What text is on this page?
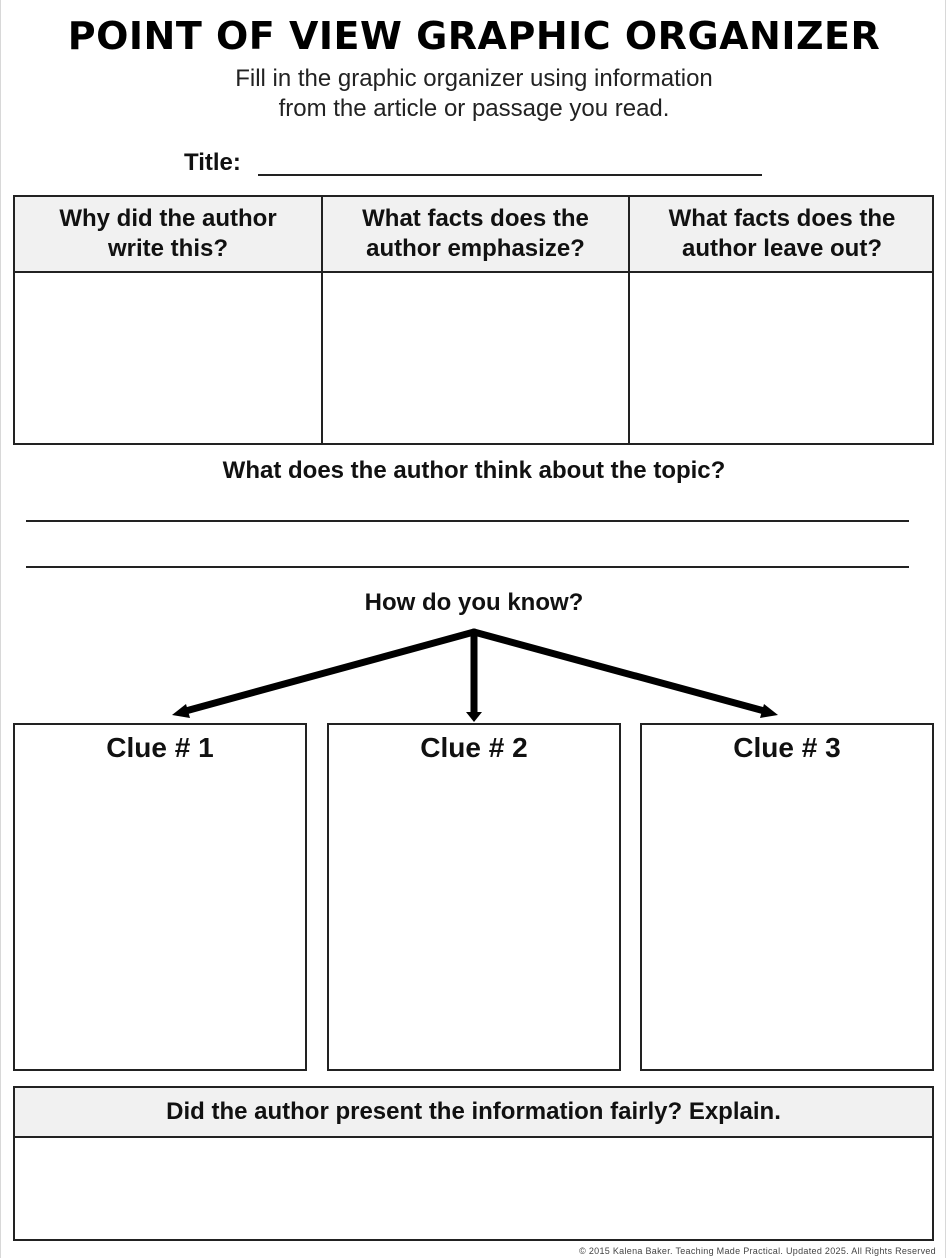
POINT OF VIEW GRAPHIC ORGANIZER
Fill in the graphic organizer using information
from the article or passage you read.
Title:
Why did the author
write this?
What facts does the
author emphasize?
What facts does the
author leave out?
What does the author think about the topic?
How do you know?
Clue # 1	Clue # 2	Clue # 3
Did the author present the information fairly? Explain.
© 2015 Kalena Baker. Teaching Made Practical. Updated 2025. All Rights Reserved
